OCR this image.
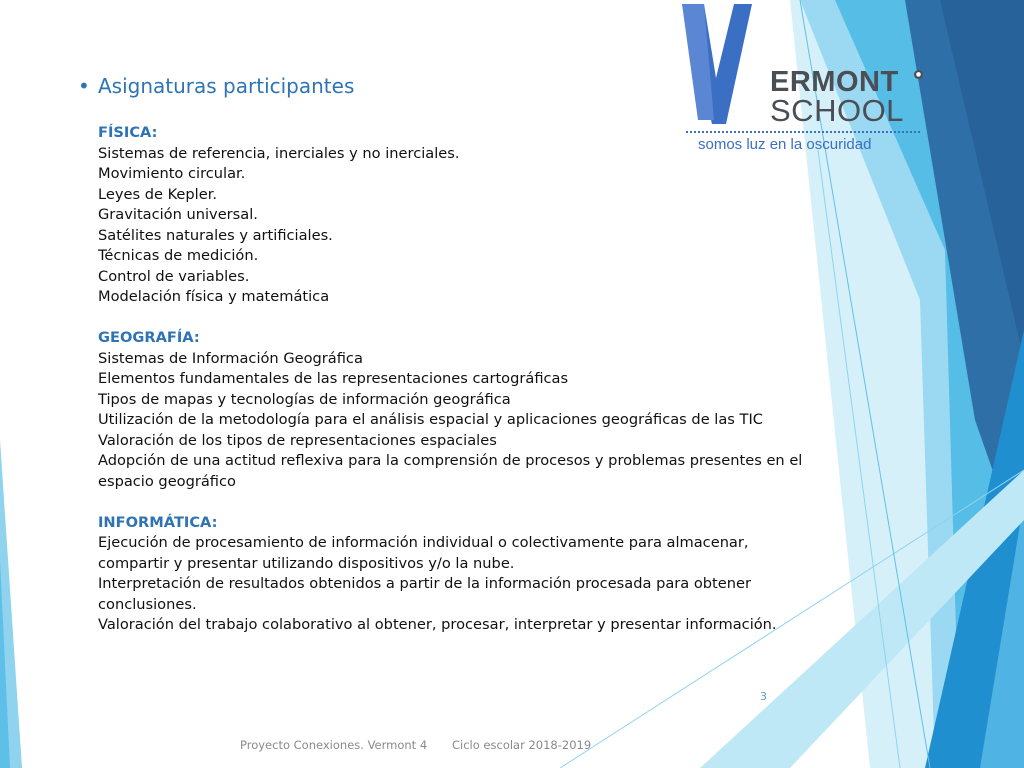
ERMONT	●
SCHOOL
somos luz en la oscuridad
• Asignaturas participantes
FÍSICA:
Sistemas de referencia, inerciales y no inerciales.
Movimiento circular.
Leyes de Kepler.
Gravitación universal.
Satélites naturales y artificiales.
Técnicas de medición.
Control de variables.
Modelación física y matemática
GEOGRAFÍA:
Sistemas de Información Geográfica
Elementos fundamentales de las representaciones cartográficas
Tipos de mapas y tecnologías de información geográfica
Utilización de la metodología para el análisis espacial y aplicaciones geográficas de las TIC
Valoración de los tipos de representaciones espaciales
Adopción de una actitud reflexiva para la comprensión de procesos y problemas presentes en el
espacio geográfico
INFORMÁTICA:
Ejecución de procesamiento de información individual o colectivamente para almacenar,
compartir y presentar utilizando dispositivos y/o la nube.
Interpretación de resultados obtenidos a partir de la información procesada para obtener
conclusiones.
Valoración del trabajo colaborativo al obtener, procesar, interpretar y presentar información.
3
Proyecto Conexiones. Vermont 4 Ciclo escolar 2018-2019
